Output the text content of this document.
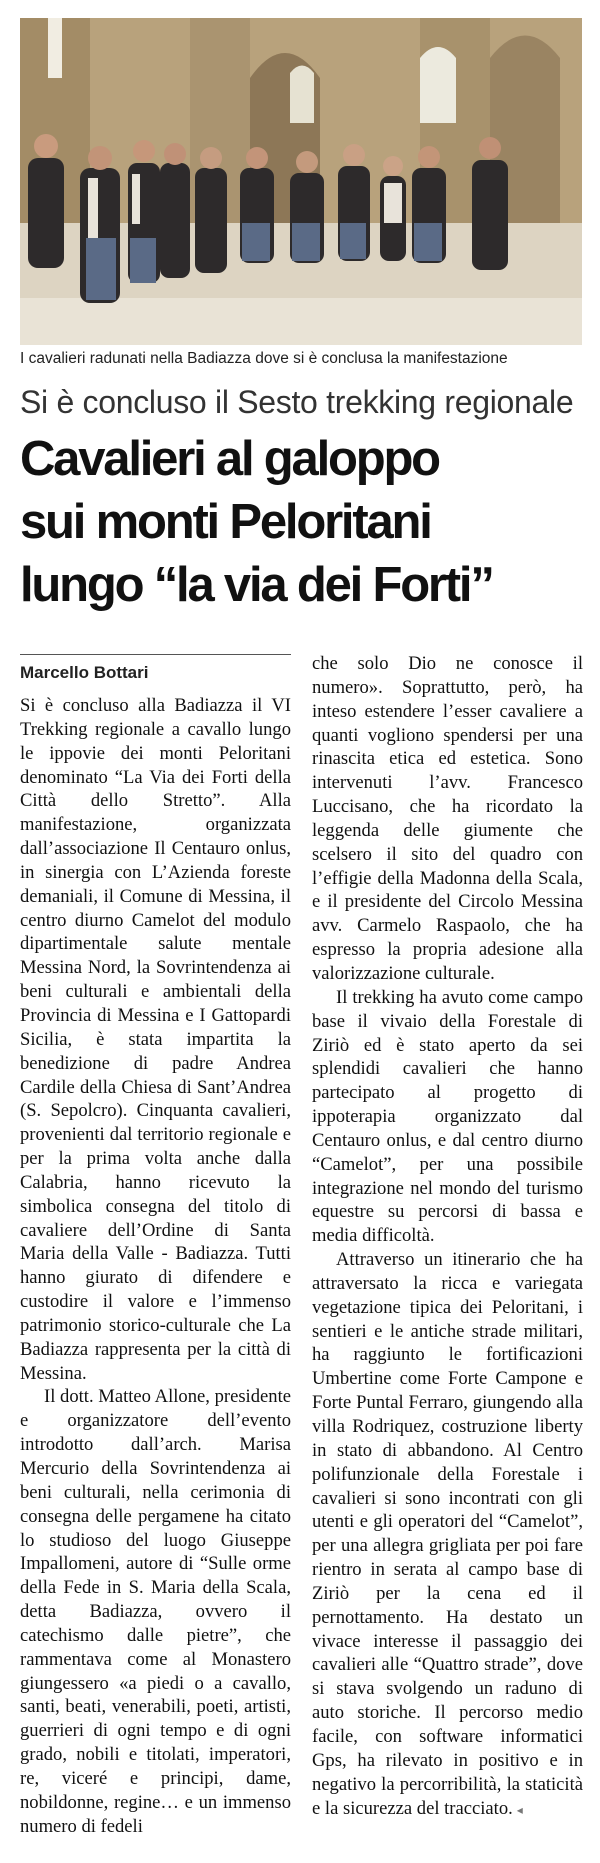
I cavalieri radunati nella Badiazza dove si è conclusa la manifestazione
Si è concluso il Sesto trekking regionale
Cavalieri al galoppo
sui monti Peloritani
lungo “la via dei Forti”
Marcello Bottari

Si è concluso alla Badiazza il VI Trekking regionale a cavallo lungo le ippovie dei monti Peloritani denominato “La Via dei Forti della Città dello Stretto”. Alla manifestazione, organizzata dall’associazione Il Centauro onlus, in sinergia con L’Azienda foreste demaniali, il Comune di Messina, il centro diurno Camelot del modulo dipartimentale salute mentale Messina Nord, la Sovrintendenza ai beni culturali e ambientali della Provincia di Messina e I Gattopardi Sicilia, è stata impartita la benedizione di padre Andrea Cardile della Chiesa di Sant’Andrea (S. Sepolcro). Cinquanta cavalieri, provenienti dal territorio regionale e per la prima volta anche dalla Calabria, hanno ricevuto la simbolica consegna del titolo di cavaliere dell’Ordine di Santa Maria della Valle - Badiazza. Tutti hanno giurato di difendere e custodire il valore e l’immenso patrimonio storico-culturale che La Badiazza rappresenta per la città di Messina.

Il dott. Matteo Allone, presidente e organizzatore dell’evento introdotto dall’arch. Marisa Mercurio della Sovrintendenza ai beni culturali, nella cerimonia di consegna delle pergamene ha citato lo studioso del luogo Giuseppe Impallomeni, autore di “Sulle orme della Fede in S. Maria della Scala, detta Badiazza, ovvero il catechismo dalle pietre”, che rammentava come al Monastero giungessero «a piedi o a cavallo, santi, beati, venerabili, poeti, artisti, guerrieri di ogni tempo e di ogni grado, nobili e titolati, imperatori, re, viceré e principi, dame, nobildonne, regine… e un immenso numero di fedeli

che solo Dio ne conosce il numero». Soprattutto, però, ha inteso estendere l’esser cavaliere a quanti vogliono spendersi per una rinascita etica ed estetica. Sono intervenuti l’avv. Francesco Luccisano, che ha ricordato la leggenda delle giumente che scelsero il sito del quadro con l’effigie della Madonna della Scala, e il presidente del Circolo Messina avv. Carmelo Raspaolo, che ha espresso la propria adesione alla valorizzazione culturale.

Il trekking ha avuto come campo base il vivaio della Forestale di Ziriò ed è stato aperto da sei splendidi cavalieri che hanno partecipato al progetto di ippoterapia organizzato dal Centauro onlus, e dal centro diurno “Camelot”, per una possibile integrazione nel mondo del turismo equestre su percorsi di bassa e media difficoltà.

Attraverso un itinerario che ha attraversato la ricca e variegata vegetazione tipica dei Peloritani, i sentieri e le antiche strade militari, ha raggiunto le fortificazioni Umbertine come Forte Campone e Forte Puntal Ferraro, giungendo alla villa Rodriquez, costruzione liberty in stato di abbandono. Al Centro polifunzionale della Forestale i cavalieri si sono incontrati con gli utenti e gli operatori del “Camelot”, per una allegra grigliata per poi fare rientro in serata al campo base di Ziriò per la cena ed il pernottamento. Ha destato un vivace interesse il passaggio dei cavalieri alle “Quattro strade”, dove si stava svolgendo un raduno di auto storiche. Il percorso medio facile, con software informatici Gps, ha rilevato in positivo e in negativo la percorribilità, la staticità e la sicurezza del tracciato. ◂
